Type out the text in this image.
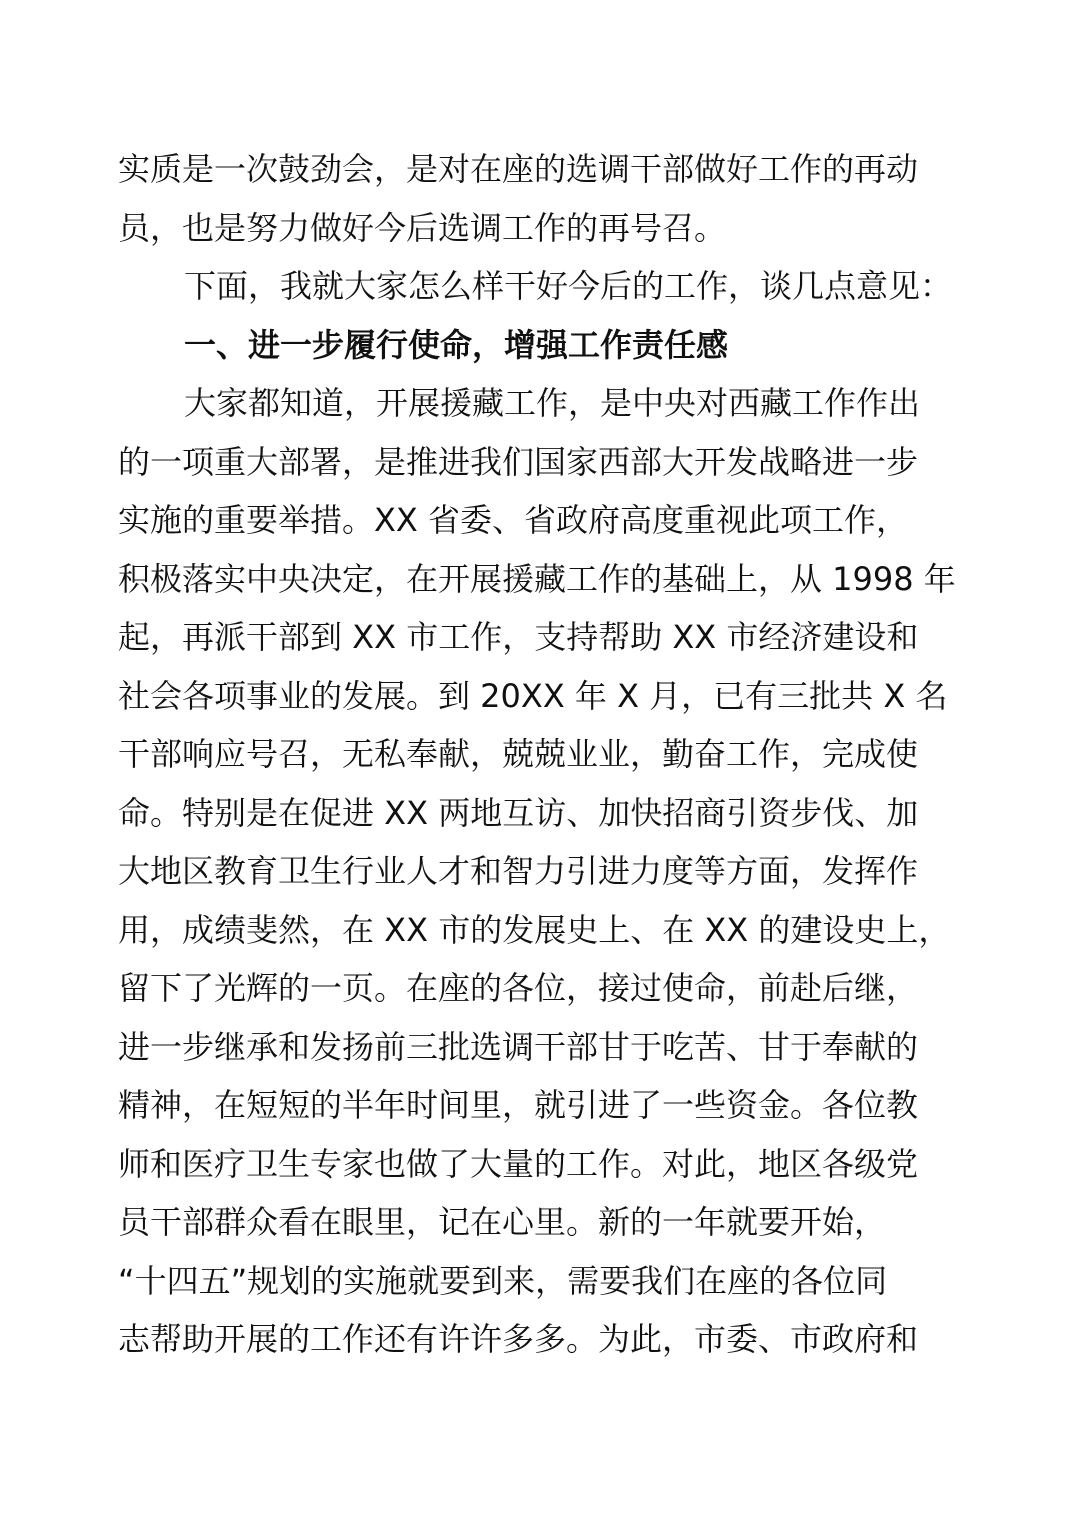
实质是一次鼓劲会，是对在座的选调干部做好工作的再动
员，也是努力做好今后选调工作的再号召。
下面，我就大家怎么样干好今后的工作，谈几点意见：
一、进一步履行使命，增强工作责任感
大家都知道，开展援藏工作，是中央对西藏工作作出
的一项重大部署，是推进我们国家西部大开发战略进一步
实施的重要举措。XX 省委、省政府高度重视此项工作，
积极落实中央决定，在开展援藏工作的基础上，从 1998 年
起，再派干部到 XX 市工作，支持帮助 XX 市经济建设和
社会各项事业的发展。到 20XX 年 X 月，已有三批共 X 名
干部响应号召，无私奉献，兢兢业业，勤奋工作，完成使
命。特别是在促进 XX 两地互访、加快招商引资步伐、加
大地区教育卫生行业人才和智力引进力度等方面，发挥作
用，成绩斐然，在 XX 市的发展史上、在 XX 的建设史上，
留下了光辉的一页。在座的各位，接过使命，前赴后继，
进一步继承和发扬前三批选调干部甘于吃苦、甘于奉献的
精神，在短短的半年时间里，就引进了一些资金。各位教
师和医疗卫生专家也做了大量的工作。对此，地区各级党
员干部群众看在眼里，记在心里。新的一年就要开始，
“十四五”规划的实施就要到来，需要我们在座的各位同
志帮助开展的工作还有许许多多。为此，市委、市政府和
